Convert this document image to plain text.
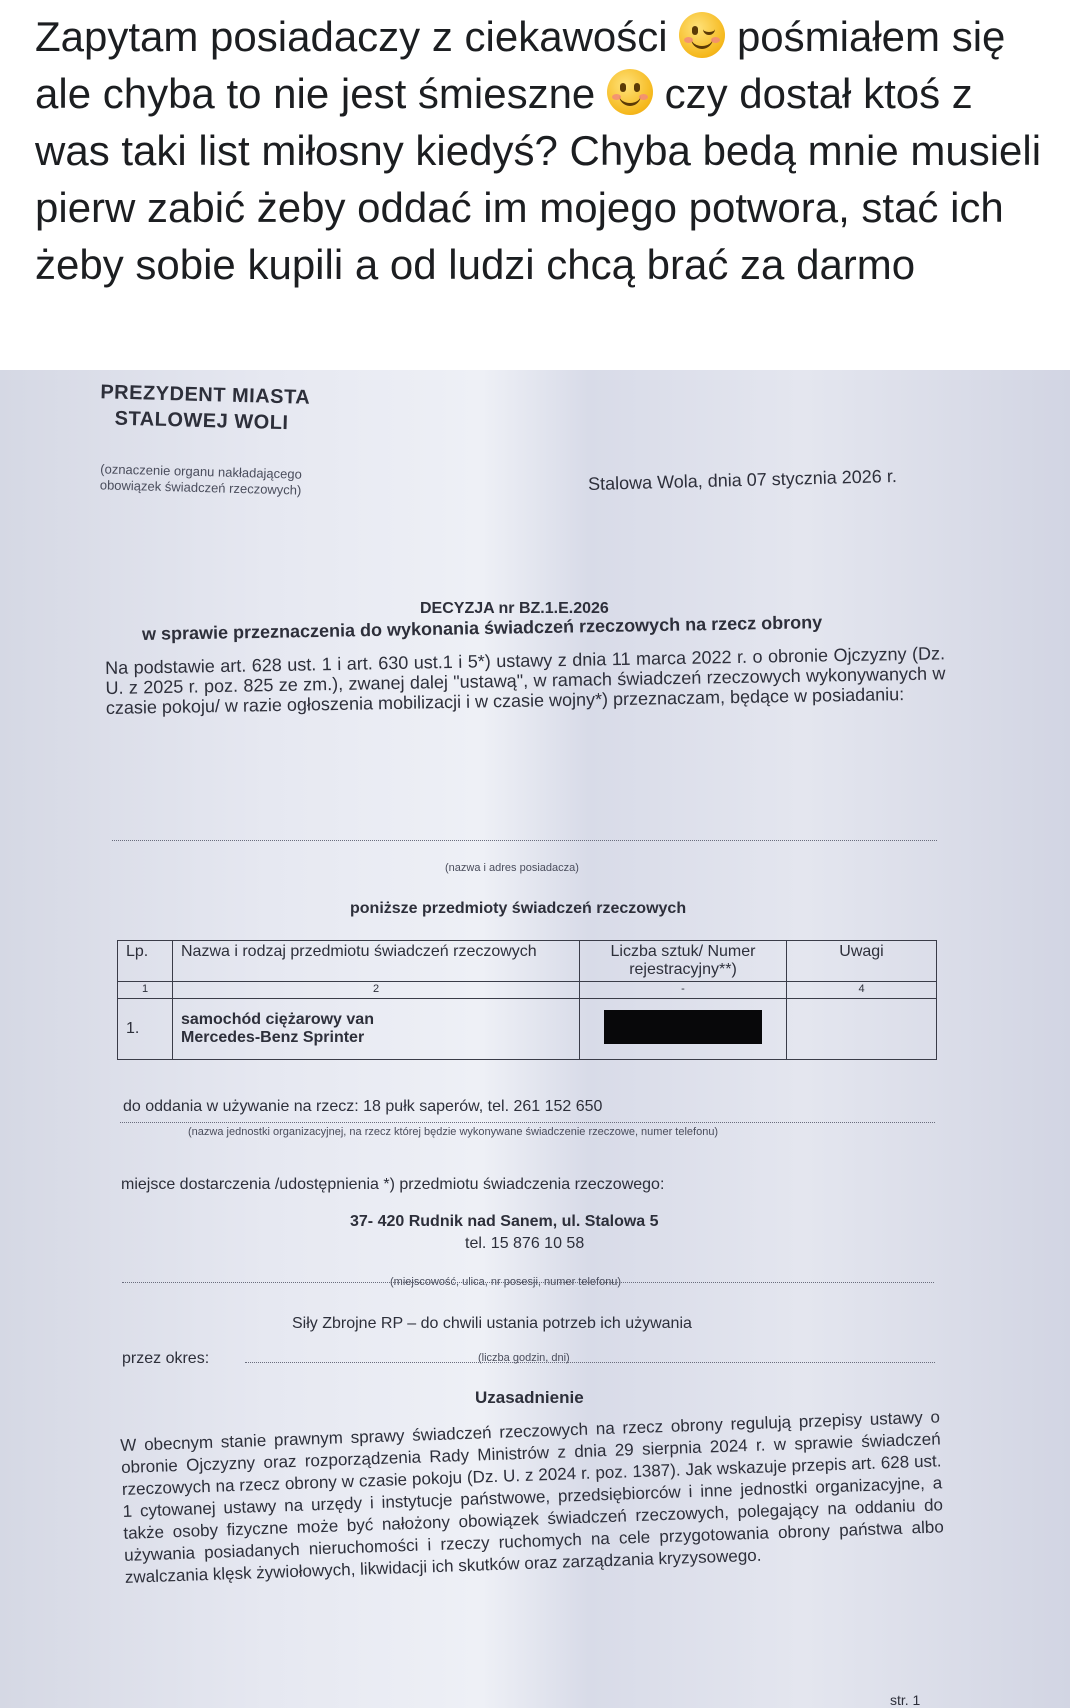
Zapytam posiadaczy z ciekawości pośmiałem się ale chyba to nie jest śmieszne czy dostał ktoś z was taki list miłosny kiedyś? Chyba bedą mnie musieli pierw zabić żeby oddać im mojego potwora, stać ich żeby sobie kupili a od ludzi chcą brać za darmo
PREZYDENT MIASTA
STALOWEJ WOLI
(oznaczenie organu nakładającego
obowiązek świadczeń rzeczowych)	Stalowa Wola, dnia 07 stycznia 2026 r.
DECYZJA nr BZ.1.E.2026
w sprawie przeznaczenia do wykonania świadczeń rzeczowych na rzecz obrony
Na podstawie art. 628 ust. 1 i art. 630 ust.1 i 5*) ustawy z dnia 11 marca 2022 r. o obronie Ojczyzny (Dz. U. z 2025 r. poz. 825 ze zm.), zwanej dalej "ustawą", w ramach świadczeń rzeczowych wykonywanych w czasie pokoju/ w razie ogłoszenia mobilizacji i w czasie wojny*) przeznaczam, będące w posiadaniu:
(nazwa i adres posiadacza)
poniższe przedmioty świadczeń rzeczowych
Lp.	Nazwa i rodzaj przedmiotu świadczeń rzeczowych	Liczba sztuk/ Numer rejestracyjny**)	Uwagi
1	2	-	4
1.	samochód ciężarowy van
Mercedes-Benz Sprinter		

do oddania w używanie na rzecz: 18 pułk saperów, tel. 261 152 650
(nazwa jednostki organizacyjnej, na rzecz której będzie wykonywane świadczenie rzeczowe, numer telefonu)
miejsce dostarczenia /udostępnienia *) przedmiotu świadczenia rzeczowego:
37- 420 Rudnik nad Sanem, ul. Stalowa 5
tel. 15 876 10 58
(miejscowość, ulica, nr posesji, numer telefonu)
Siły Zbrojne RP – do chwili ustania potrzeb ich używania
przez okres:	(liczba godzin, dni)
Uzasadnienie
W obecnym stanie prawnym sprawy świadczeń rzeczowych na rzecz obrony regulują przepisy ustawy o obronie Ojczyzny oraz rozporządzenia Rady Ministrów z dnia 29 sierpnia 2024 r. w sprawie świadczeń rzeczowych na rzecz obrony w czasie pokoju (Dz. U. z 2024 r. poz. 1387). Jak wskazuje przepis art. 628 ust. 1 cytowanej ustawy na urzędy i instytucje państwowe, przedsiębiorców i inne jednostki organizacyjne, a także osoby fizyczne może być nałożony obowiązek świadczeń rzeczowych, polegający na oddaniu do używania posiadanych nieruchomości i rzeczy ruchomych na cele przygotowania obrony państwa albo zwalczania klęsk żywiołowych, likwidacji ich skutków oraz zarządzania kryzysowego.
str. 1
